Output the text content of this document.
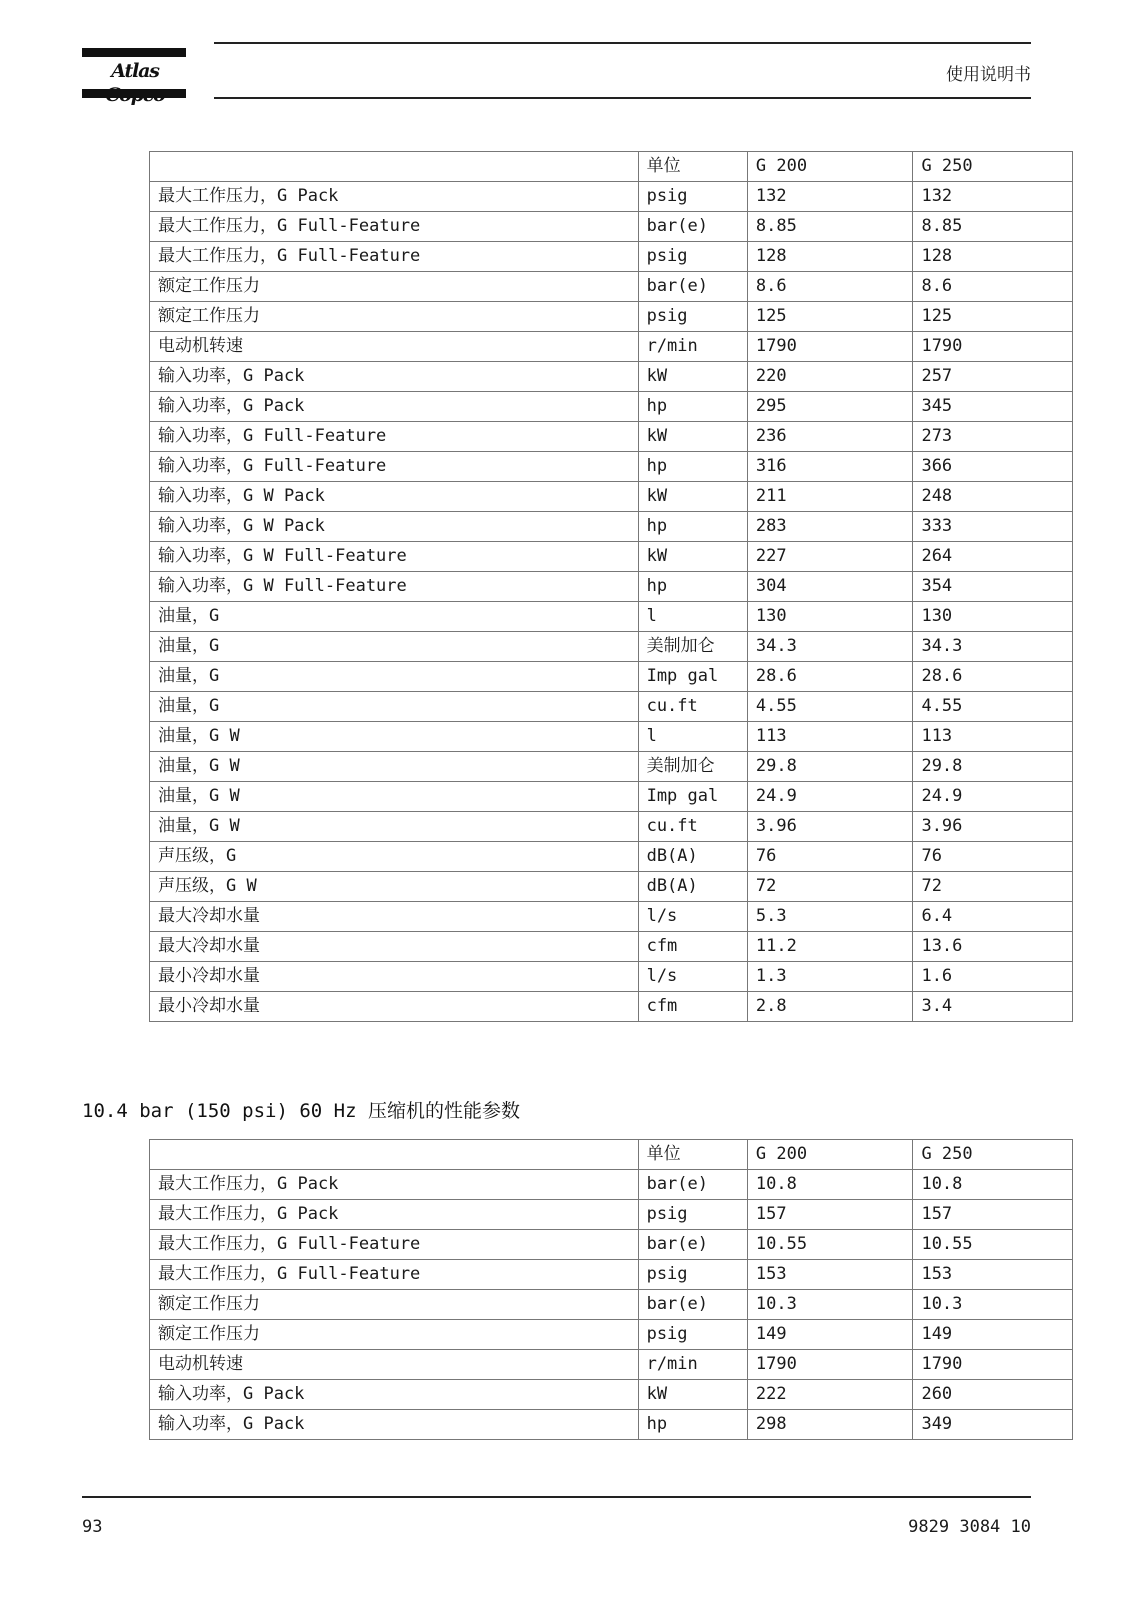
Atlas	使用说明书
	单位	G 200	G 250
最大工作压力，G Pack	psig	132	132
最大工作压力，G Full-Feature	bar(e)	8.85	8.85
最大工作压力，G Full-Feature	psig	128	128
额定工作压力	bar(e)	8.6	8.6
额定工作压力	psig	125	125
电动机转速	r/min	1790	1790
输入功率，G Pack	kW	220	257
输入功率，G Pack	hp	295	345
输入功率，G Full-Feature	kW	236	273
输入功率，G Full-Feature	hp	316	366
输入功率，G W Pack	kW	211	248
输入功率，G W Pack	hp	283	333
输入功率，G W Full-Feature	kW	227	264
输入功率，G W Full-Feature	hp	304	354
油量，G	l	130	130
油量，G	美制加仑	34.3	34.3
油量，G	Imp gal	28.6	28.6
油量，G	cu.ft	4.55	4.55
油量，G W	l	113	113
油量，G W	美制加仑	29.8	29.8
油量，G W	Imp gal	24.9	24.9
油量，G W	cu.ft	3.96	3.96
声压级，G	dB(A)	76	76
声压级，G W	dB(A)	72	72
最大冷却水量	l/s	5.3	6.4
最大冷却水量	cfm	11.2	13.6
最小冷却水量	l/s	1.3	1.6
最小冷却水量	cfm	2.8	3.4
10.4 bar (150 psi) 60 Hz 压缩机的性能参数
	单位	G 200	G 250
最大工作压力，G Pack	bar(e)	10.8	10.8
最大工作压力，G Pack	psig	157	157
最大工作压力，G Full-Feature	bar(e)	10.55	10.55
最大工作压力，G Full-Feature	psig	153	153
额定工作压力	bar(e)	10.3	10.3
额定工作压力	psig	149	149
电动机转速	r/min	1790	1790
输入功率，G Pack	kW	222	260
输入功率，G Pack	hp	298	349
93	9829 3084 10
